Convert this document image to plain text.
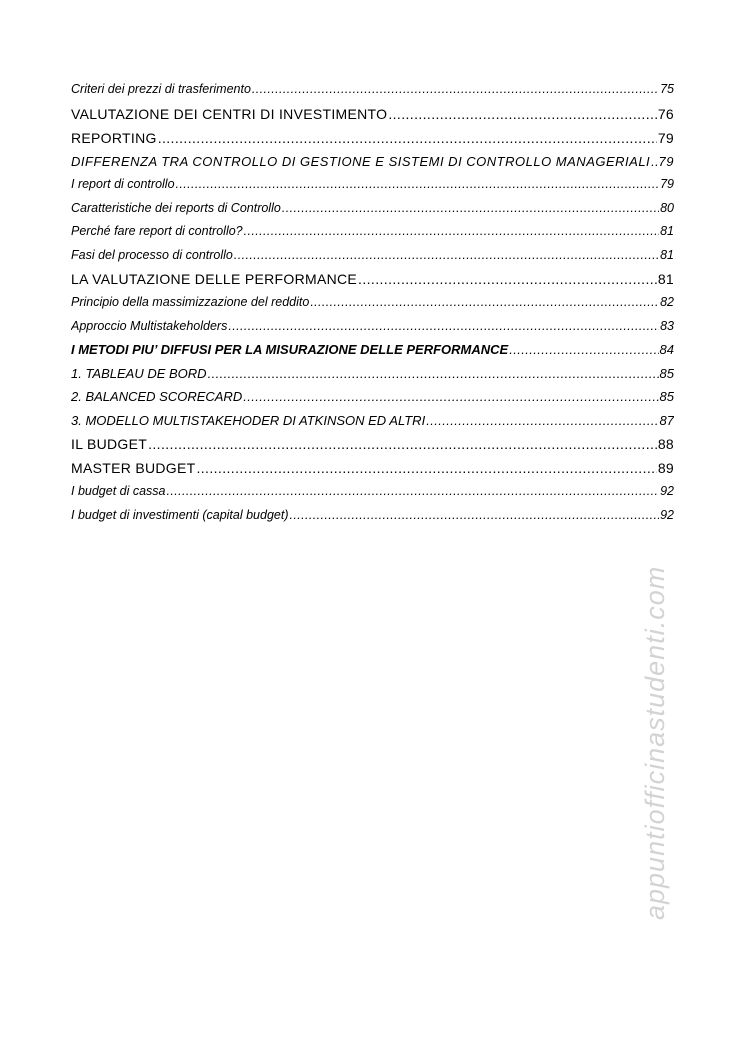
Criteri dei prezzi di trasferimento .....	75
VALUTAZIONE DEI CENTRI DI INVESTIMENTO .....	76
REPORTING .....	79
DIFFERENZA TRA CONTROLLO DI GESTIONE E SISTEMI DI CONTROLLO MANAGERIALI ..... 79
I report di controllo .....	79
Caratteristiche dei reports di Controllo .....	80
Perché fare report di controllo? .....	81
Fasi del processo di controllo .....	81
LA VALUTAZIONE DELLE PERFORMANCE .....	81
Principio della massimizzazione del reddito .....	82
Approccio Multistakeholders .....	83
I METODI PIU’ DIFFUSI PER LA MISURAZIONE DELLE PERFORMANCE .....	84
1. TABLEAU DE BORD .....	85
2. BALANCED SCORECARD .....	85
3. MODELLO MULTISTAKEHODER DI ATKINSON ED ALTRI .....	87
IL BUDGET .....	88
MASTER BUDGET .....	89
I budget di cassa .....	92
I budget di investimenti (capital budget) .....	92
appuntiofficinastudenti.com
